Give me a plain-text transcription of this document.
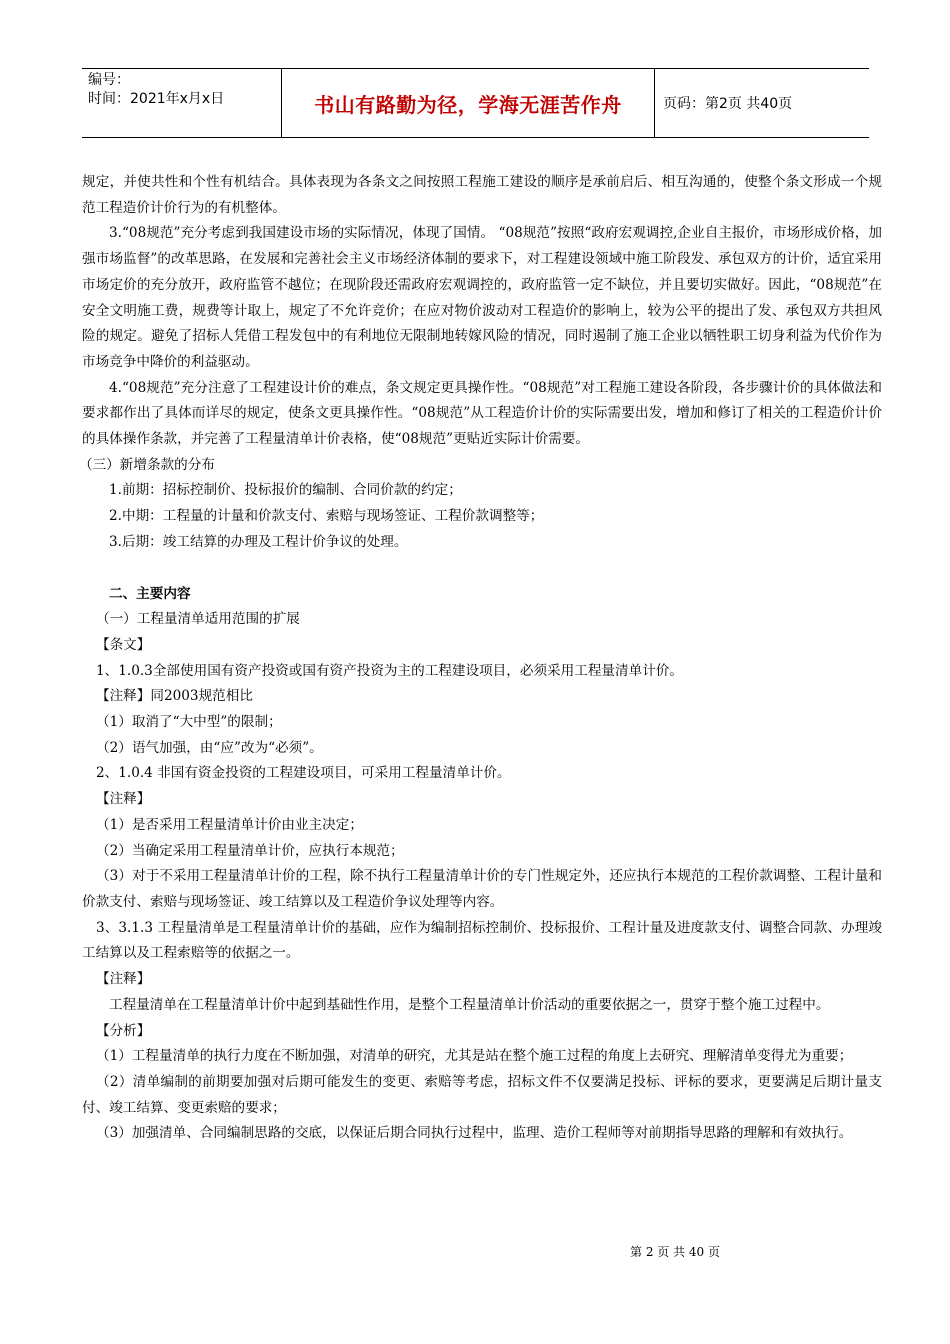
编号：
时间：2021年x月x日	书山有路勤为径，学海无涯苦作舟	页码：第2页 共40页

规定，并使共性和个性有机结合。具体表现为各条文之间按照工程施工建设的顺序是承前启后、相互沟通的，使整个条文形成一个规范工程造价计价行为的有机整体。

3.“08规范”充分考虑到我国建设市场的实际情况，体现了国情。 “08规范”按照“政府宏观调控,企业自主报价，市场形成价格，加强市场监督”的改革思路，在发展和完善社会主义市场经济体制的要求下，对工程建设领域中施工阶段发、承包双方的计价，适宜采用市场定价的充分放开，政府监管不越位；在现阶段还需政府宏观调控的，政府监管一定不缺位，并且要切实做好。因此，“08规范”在安全文明施工费，规费等计取上，规定了不允许竞价；在应对物价波动对工程造价的影响上，较为公平的提出了发、承包双方共担风险的规定。避免了招标人凭借工程发包中的有利地位无限制地转嫁风险的情况，同时遏制了施工企业以牺牲职工切身利益为代价作为市场竞争中降价的利益驱动。

4.“08规范”充分注意了工程建设计价的难点，条文规定更具操作性。“08规范”对工程施工建设各阶段，各步骤计价的具体做法和要求都作出了具体而详尽的规定，使条文更具操作性。“08规范”从工程造价计价的实际需要出发，增加和修订了相关的工程造价计价的具体操作条款，并完善了工程量清单计价表格，使“08规范”更贴近实际计价需要。

（三）新增条款的分布

1.前期：招标控制价、投标报价的编制、合同价款的约定；

2.中期：工程量的计量和价款支付、索赔与现场签证、工程价款调整等；

3.后期：竣工结算的办理及工程计价争议的处理。

二、主要内容

（一）工程量清单适用范围的扩展

【条文】

1、1.0.3全部使用国有资产投资或国有资产投资为主的工程建设项目，必须采用工程量清单计价。

【注释】同2003规范相比

（1）取消了“大中型”的限制；

（2）语气加强，由“应”改为“必须”。

2、1.0.4 非国有资金投资的工程建设项目，可采用工程量清单计价。

【注释】

（1）是否采用工程量清单计价由业主决定；

（2）当确定采用工程量清单计价，应执行本规范；

（3）对于不采用工程量清单计价的工程，除不执行工程量清单计价的专门性规定外，还应执行本规范的工程价款调整、工程计量和价款支付、索赔与现场签证、竣工结算以及工程造价争议处理等内容。

3、3.1.3 工程量清单是工程量清单计价的基础，应作为编制招标控制价、投标报价、工程计量及进度款支付、调整合同款、办理竣工结算以及工程索赔等的依据之一。

【注释】

工程量清单在工程量清单计价中起到基础性作用，是整个工程量清单计价活动的重要依据之一，贯穿于整个施工过程中。

【分析】

（1）工程量清单的执行力度在不断加强，对清单的研究，尤其是站在整个施工过程的角度上去研究、理解清单变得尤为重要；

（2）清单编制的前期要加强对后期可能发生的变更、索赔等考虑，招标文件不仅要满足投标、评标的要求，更要满足后期计量支付、竣工结算、变更索赔的要求；

（3）加强清单、合同编制思路的交底，以保证后期合同执行过程中，监理、造价工程师等对前期指导思路的理解和有效执行。

第 2 页 共 40 页
